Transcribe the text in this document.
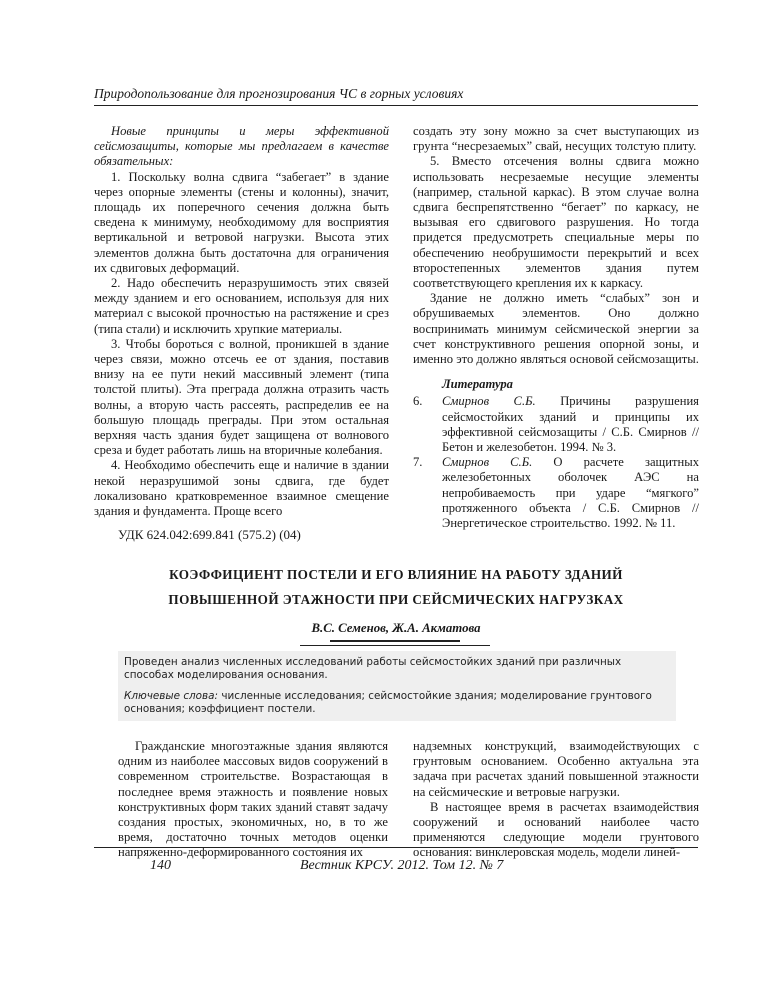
Природопользование для прогнозирования ЧС в горных условиях

Новые принципы и меры эффективной сейсмозащиты, которые мы предлагаем в качестве обязательных:

1. Поскольку волна сдвига “забегает” в здание через опорные элементы (стены и колонны), значит, площадь их поперечного сечения должна быть сведена к минимуму, необходимому для восприятия вертикальной и ветровой нагрузки. Высота этих элементов должна быть достаточна для ограничения их сдвиговых деформаций.

2. Надо обеспечить неразрушимость этих связей между зданием и его основанием, используя для них материал с высокой прочностью на растяжение и срез (типа стали) и исключить хрупкие материалы.

3. Чтобы бороться с волной, проникшей в здание через связи, можно отсечь ее от здания, поставив внизу на ее пути некий массивный элемент (типа толстой плиты). Эта преграда должна отразить часть волны, а вторую часть рассеять, распределив ее на большую площадь преграды. При этом остальная верхняя часть здания будет защищена от волнового среза и будет работать лишь на вторичные колебания.

4. Необходимо обеспечить еще и наличие в здании некой неразрушимой зоны сдвига, где будет локализовано кратковременное взаимное смещение здания и фундамента. Проще всего

создать эту зону можно за счет выступающих из грунта “несрезаемых” свай, несущих толстую плиту.

5. Вместо отсечения волны сдвига можно использовать несрезаемые несущие элементы (например, стальной каркас). В этом случае волна сдвига беспрепятственно “бегает” по каркасу, не вызывая его сдвигового разрушения. Но тогда придется предусмотреть специальные меры по обеспечению необрушимости перекрытий и всех второстепенных элементов здания путем соответствующего крепления их к каркасу.

Здание не должно иметь “слабых” зон и обрушиваемых элементов. Оно должно воспринимать минимум сейсмической энергии за счет конструктивного решения опорной зоны, и именно это должно являться основой сейсмозащиты.

Литература

6.	Смирнов С.Б. Причины разрушения сейсмостойких зданий и принципы их эффективной сейсмозащиты / С.Б. Смирнов // Бетон и железобетон. 1994. № 3.
7.	Смирнов С.Б. О расчете защитных железобетонных оболочек АЭС на непробиваемость при ударе “мягкого” протяженного объекта / С.Б. Смирнов // Энергетическое строительство. 1992. № 11.
УДК 624.042:699.841 (575.2) (04)
КОЭФФИЦИЕНТ ПОСТЕЛИ И ЕГО ВЛИЯНИЕ НА РАБОТУ ЗДАНИЙ
ПОВЫШЕННОЙ ЭТАЖНОСТИ ПРИ СЕЙСМИЧЕСКИХ НАГРУЗКАХ
В.С. Семенов, Ж.А. Акматова

Проведен анализ численных исследований работы сейсмостойких зданий при различных способах моделирования основания.

Ключевые слова: численные исследования; сейсмостойкие здания; моделирование грунтового основания; коэффициент постели.

Гражданские многоэтажные здания являются одним из наиболее массовых видов сооружений в современном строительстве. Возрастающая в последнее время этажность и появление новых конструктивных форм таких зданий ставят задачу создания простых, экономичных, но, в то же время, достаточно точных методов оценки напряженно-деформированного состояния их

надземных конструкций, взаимодействующих с грунтовым основанием. Особенно актуальна эта задача при расчетах зданий повышенной этажности на сейсмические и ветровые нагрузки.

В настоящее время в расчетах взаимодействия сооружений и оснований наиболее часто применяются следующие модели грунтового основания: винклеровская модель, модели линей-

140	Вестник КРСУ. 2012. Том 12. № 7
